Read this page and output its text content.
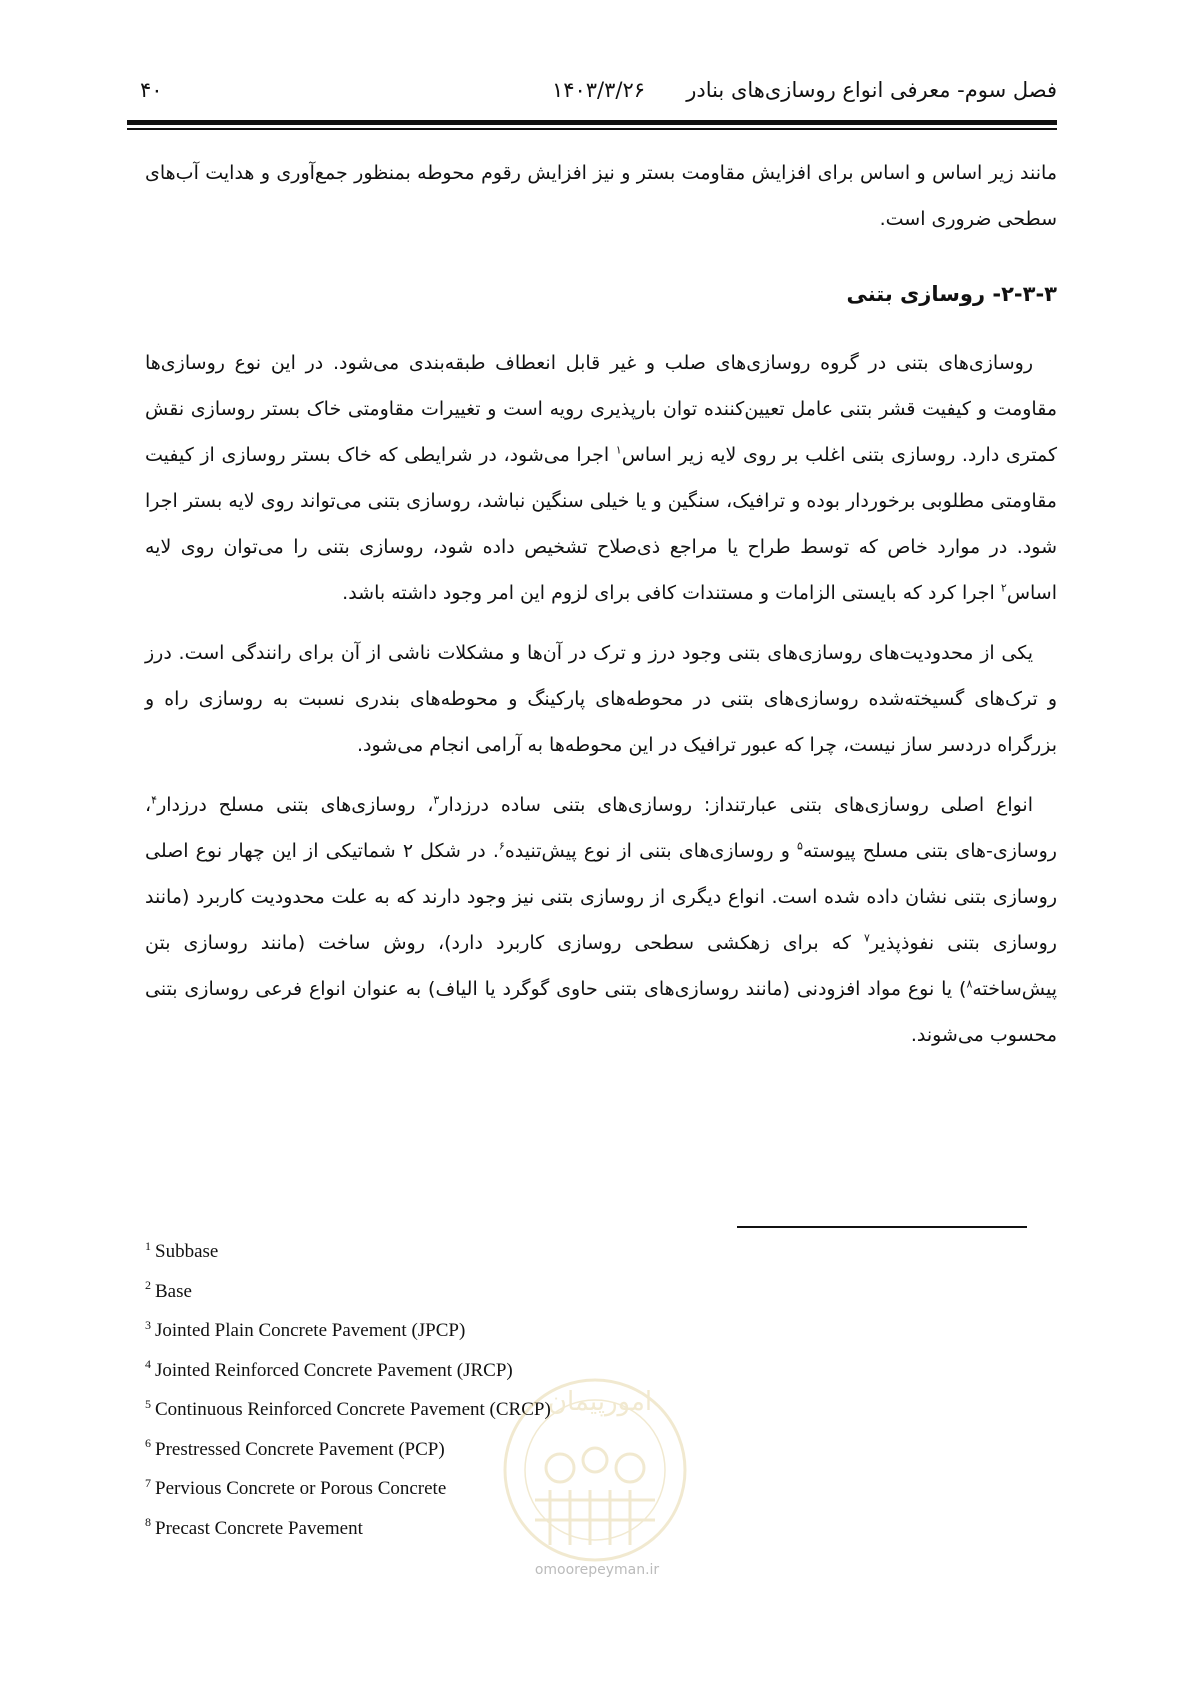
۴۰	۱۴۰۳/۳/۲۶	فصل سوم- معرفی انواع روسازی‌های بنادر

مانند زیر اساس و اساس برای افزایش مقاومت بستر و نیز افزایش رقوم محوطه بمنظور جمع‌آوری و هدایت آب‌های سطحی ضروری است.

۲-۳-۳- روسازی بتنی

روسازی‌های بتنی در گروه روسازی‌های صلب و غیر قابل انعطاف طبقه‌بندی می‌شود. در این نوع روسازی‌ها مقاومت و کیفیت قشر بتنی عامل تعیین‌کننده توان بارپذیری رویه است و تغییرات مقاومتی خاک بستر روسازی نقش کمتری دارد. روسازی بتنی اغلب بر روی لایه زیر اساس$^۱$ اجرا می‌شود، در شرایطی که خاک بستر روسازی از کیفیت مقاومتی مطلوبی برخوردار بوده و ترافیک، سنگین و یا خیلی سنگین نباشد، روسازی بتنی می‌تواند روی لایه بستر اجرا شود. در موارد خاص که توسط طراح یا مراجع ذی‌صلاح تشخیص داده شود، روسازی بتنی را می‌توان روی لایه اساس$^۲$ اجرا کرد که بایستی الزامات و مستندات کافی برای لزوم این امر وجود داشته باشد.

یکی از محدودیت‌های روسازی‌های بتنی وجود درز و ترک در آن‌ها و مشکلات ناشی از آن برای رانندگی است. درز و ترک‌های گسیخته‌شده روسازی‌های بتنی در محوطه‌های پارکینگ و محوطه‌های بندری نسبت به روسازی راه و بزرگراه دردسر ساز نیست، چرا که عبور ترافیک در این محوطه‌ها به آرامی انجام می‌شود.

انواع اصلی روسازی‌های بتنی عبارتنداز: روسازی‌های بتنی ساده درزدار$^۳$، روسازی‌های بتنی مسلح درزدار$^۴$، روسازی-های بتنی مسلح پیوسته$^۵$ و روسازی‌های بتنی از نوع پیش‌تنیده$^۶$. در شکل ۲ شماتیکی از این چهار نوع اصلی روسازی بتنی نشان داده شده است. انواع دیگری از روسازی بتنی نیز وجود دارند که به علت محدودیت کاربرد (مانند روسازی بتنی نفوذپذیر$^۷$ که برای زهکشی سطحی روسازی کاربرد دارد)، روش ساخت (مانند روسازی بتن پیش‌ساخته$^۸$) یا نوع مواد افزودنی (مانند روسازی‌های بتنی حاوی گوگرد یا الیاف) به عنوان انواع فرعی روسازی بتنی محسوب می‌شوند.

$^1$ Subbase
$^2$ Base
$^3$ Jointed Plain Concrete Pavement (JPCP)
$^4$ Jointed Reinforced Concrete Pavement (JRCP)
$^5$ Continuous Reinforced Concrete Pavement (CRCP)
$^6$ Prestressed Concrete Pavement (PCP)
$^7$ Pervious Concrete or Porous Concrete
$^8$ Precast Concrete Pavement
امورپیمان
omoorepeyman.ir
